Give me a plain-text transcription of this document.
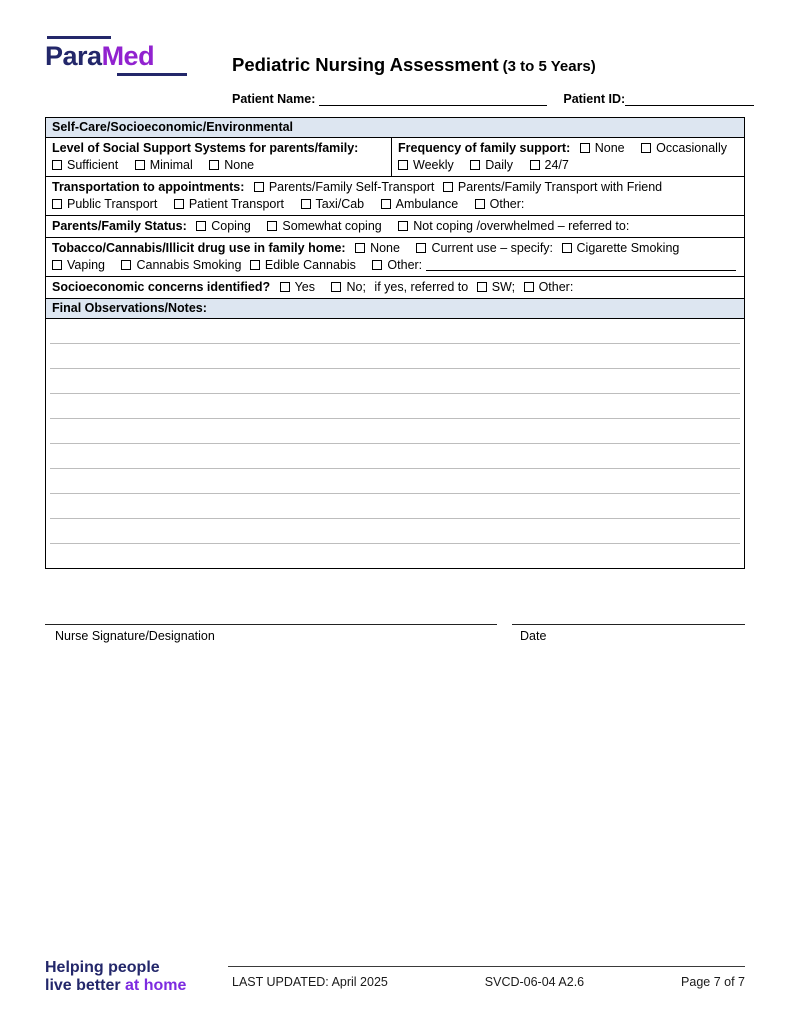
ParaMed	Pediatric Nursing Assessment (3 to 5 Years)
Patient Name:	Patient ID:
Self-Care/Socioeconomic/Environmental
Level of Social Support Systems for parents/family:
Sufficient	Minimal	None
Frequency of family support: None	Occasionally
Weekly	Daily	24/7
Transportation to appointments: Parents/Family Self-Transport Parents/Family Transport with Friend
Public Transport	Patient Transport	Taxi/Cab	Ambulance	Other:
Parents/Family Status: Coping	Somewhat coping	Not coping /overwhelmed – referred to:
Tobacco/Cannabis/Illicit drug use in family home: None	Current use – specify: Cigarette Smoking
Vaping	Cannabis Smoking Edible Cannabis	Other:
Socioeconomic concerns identified? Yes	No; if yes, referred to SW; Other:
Final Observations/Notes:
Nurse Signature/Designation	Date
Helping people
live better at home	LAST UPDATED: April 2025	SVCD-06-04 A2.6	Page 7 of 7
